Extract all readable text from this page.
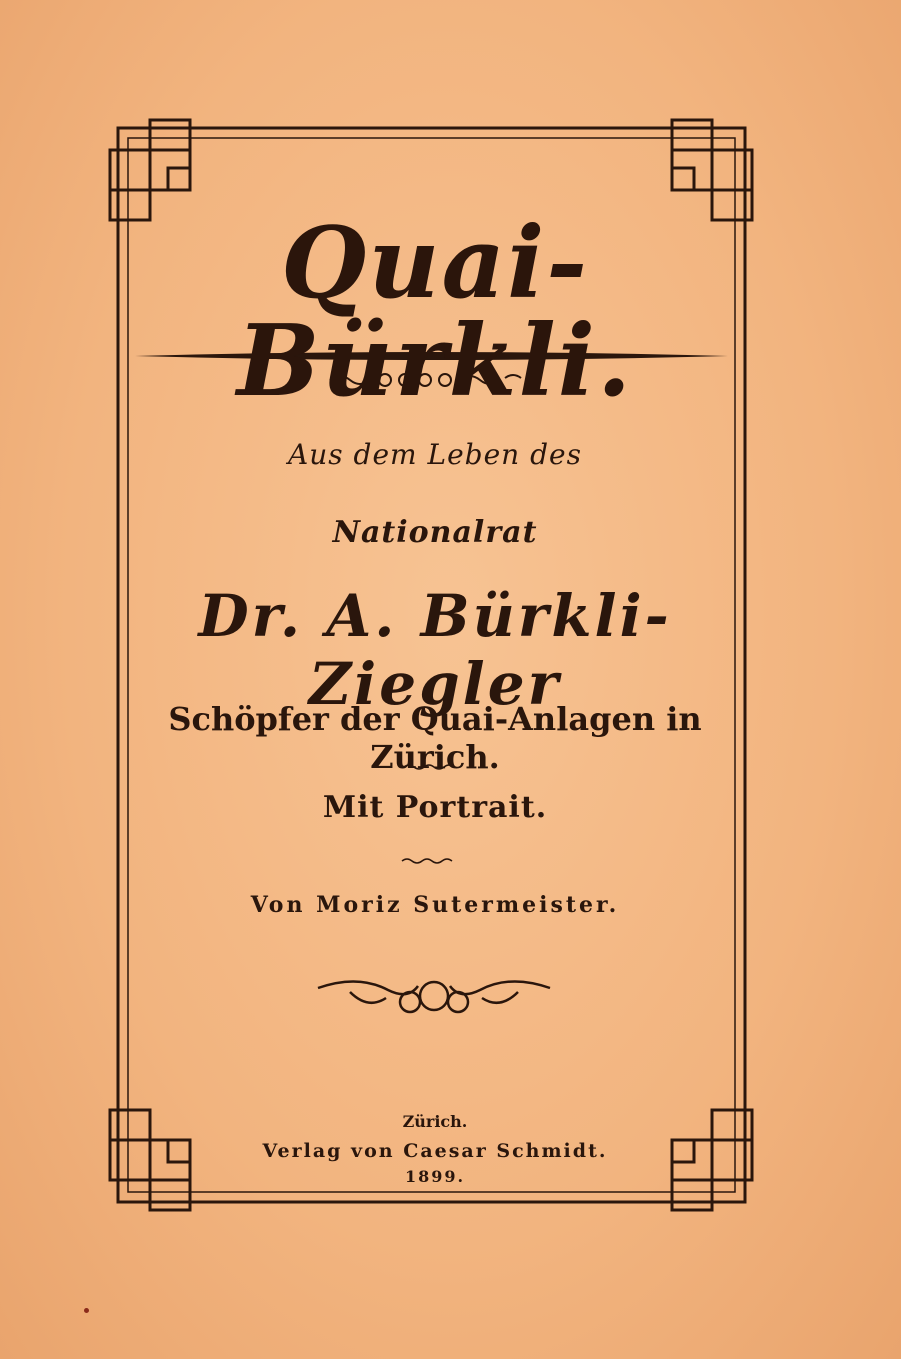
Quai-Bürkli.
Aus dem Leben des
Nationalrat
Dr. A. Bürkli-Ziegler
Schöpfer der Quai-Anlagen in Zürich.
Mit Portrait.
Von Moriz Sutermeister.
Zürich.
Verlag von Caesar Schmidt.
1899.
